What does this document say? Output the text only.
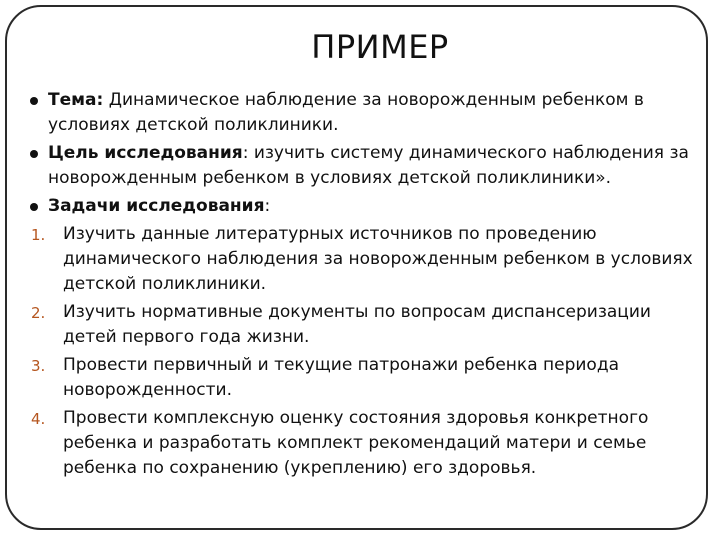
ПРИМЕР
Тема: Динамическое наблюдение за новорожденным ребенком в условиях детской поликлиники.
Цель исследования: изучить систему динамического наблюдения за новорожденным ребенком в условиях детской поликлиники».
Задачи исследования:
1. Изучить данные литературных источников по проведению динамического наблюдения за новорожденным ребенком в условиях детской поликлиники.
2. Изучить нормативные документы по вопросам диспансеризации детей первого года жизни.
3. Провести первичный и текущие патронажи ребенка периода новорожденности.
4. Провести комплексную оценку состояния здоровья конкретного ребенка и разработать комплект рекомендаций матери и семье ребенка по сохранению (укреплению) его здоровья.
